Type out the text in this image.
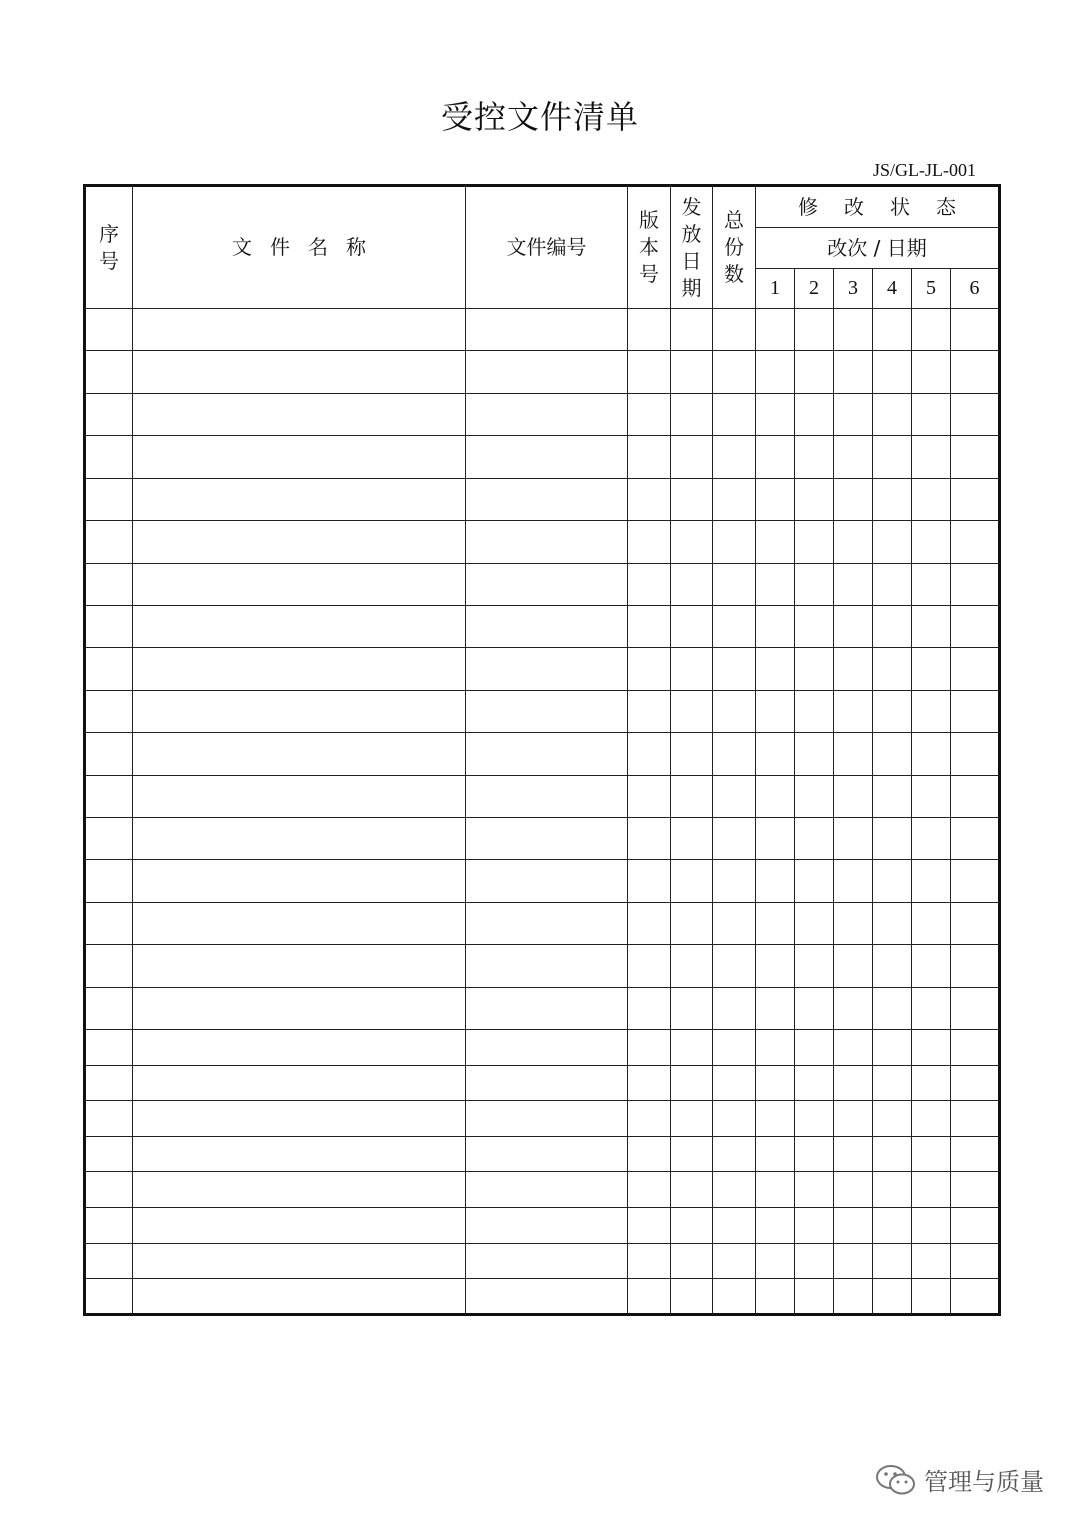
受控文件清单
JS/GL-JL-001
序号	文件名称	文件编号	版本号	发放日期	总份数	修改状态					
						改次 / 日期					
						1	2	3	4	5	6

管理与质量
